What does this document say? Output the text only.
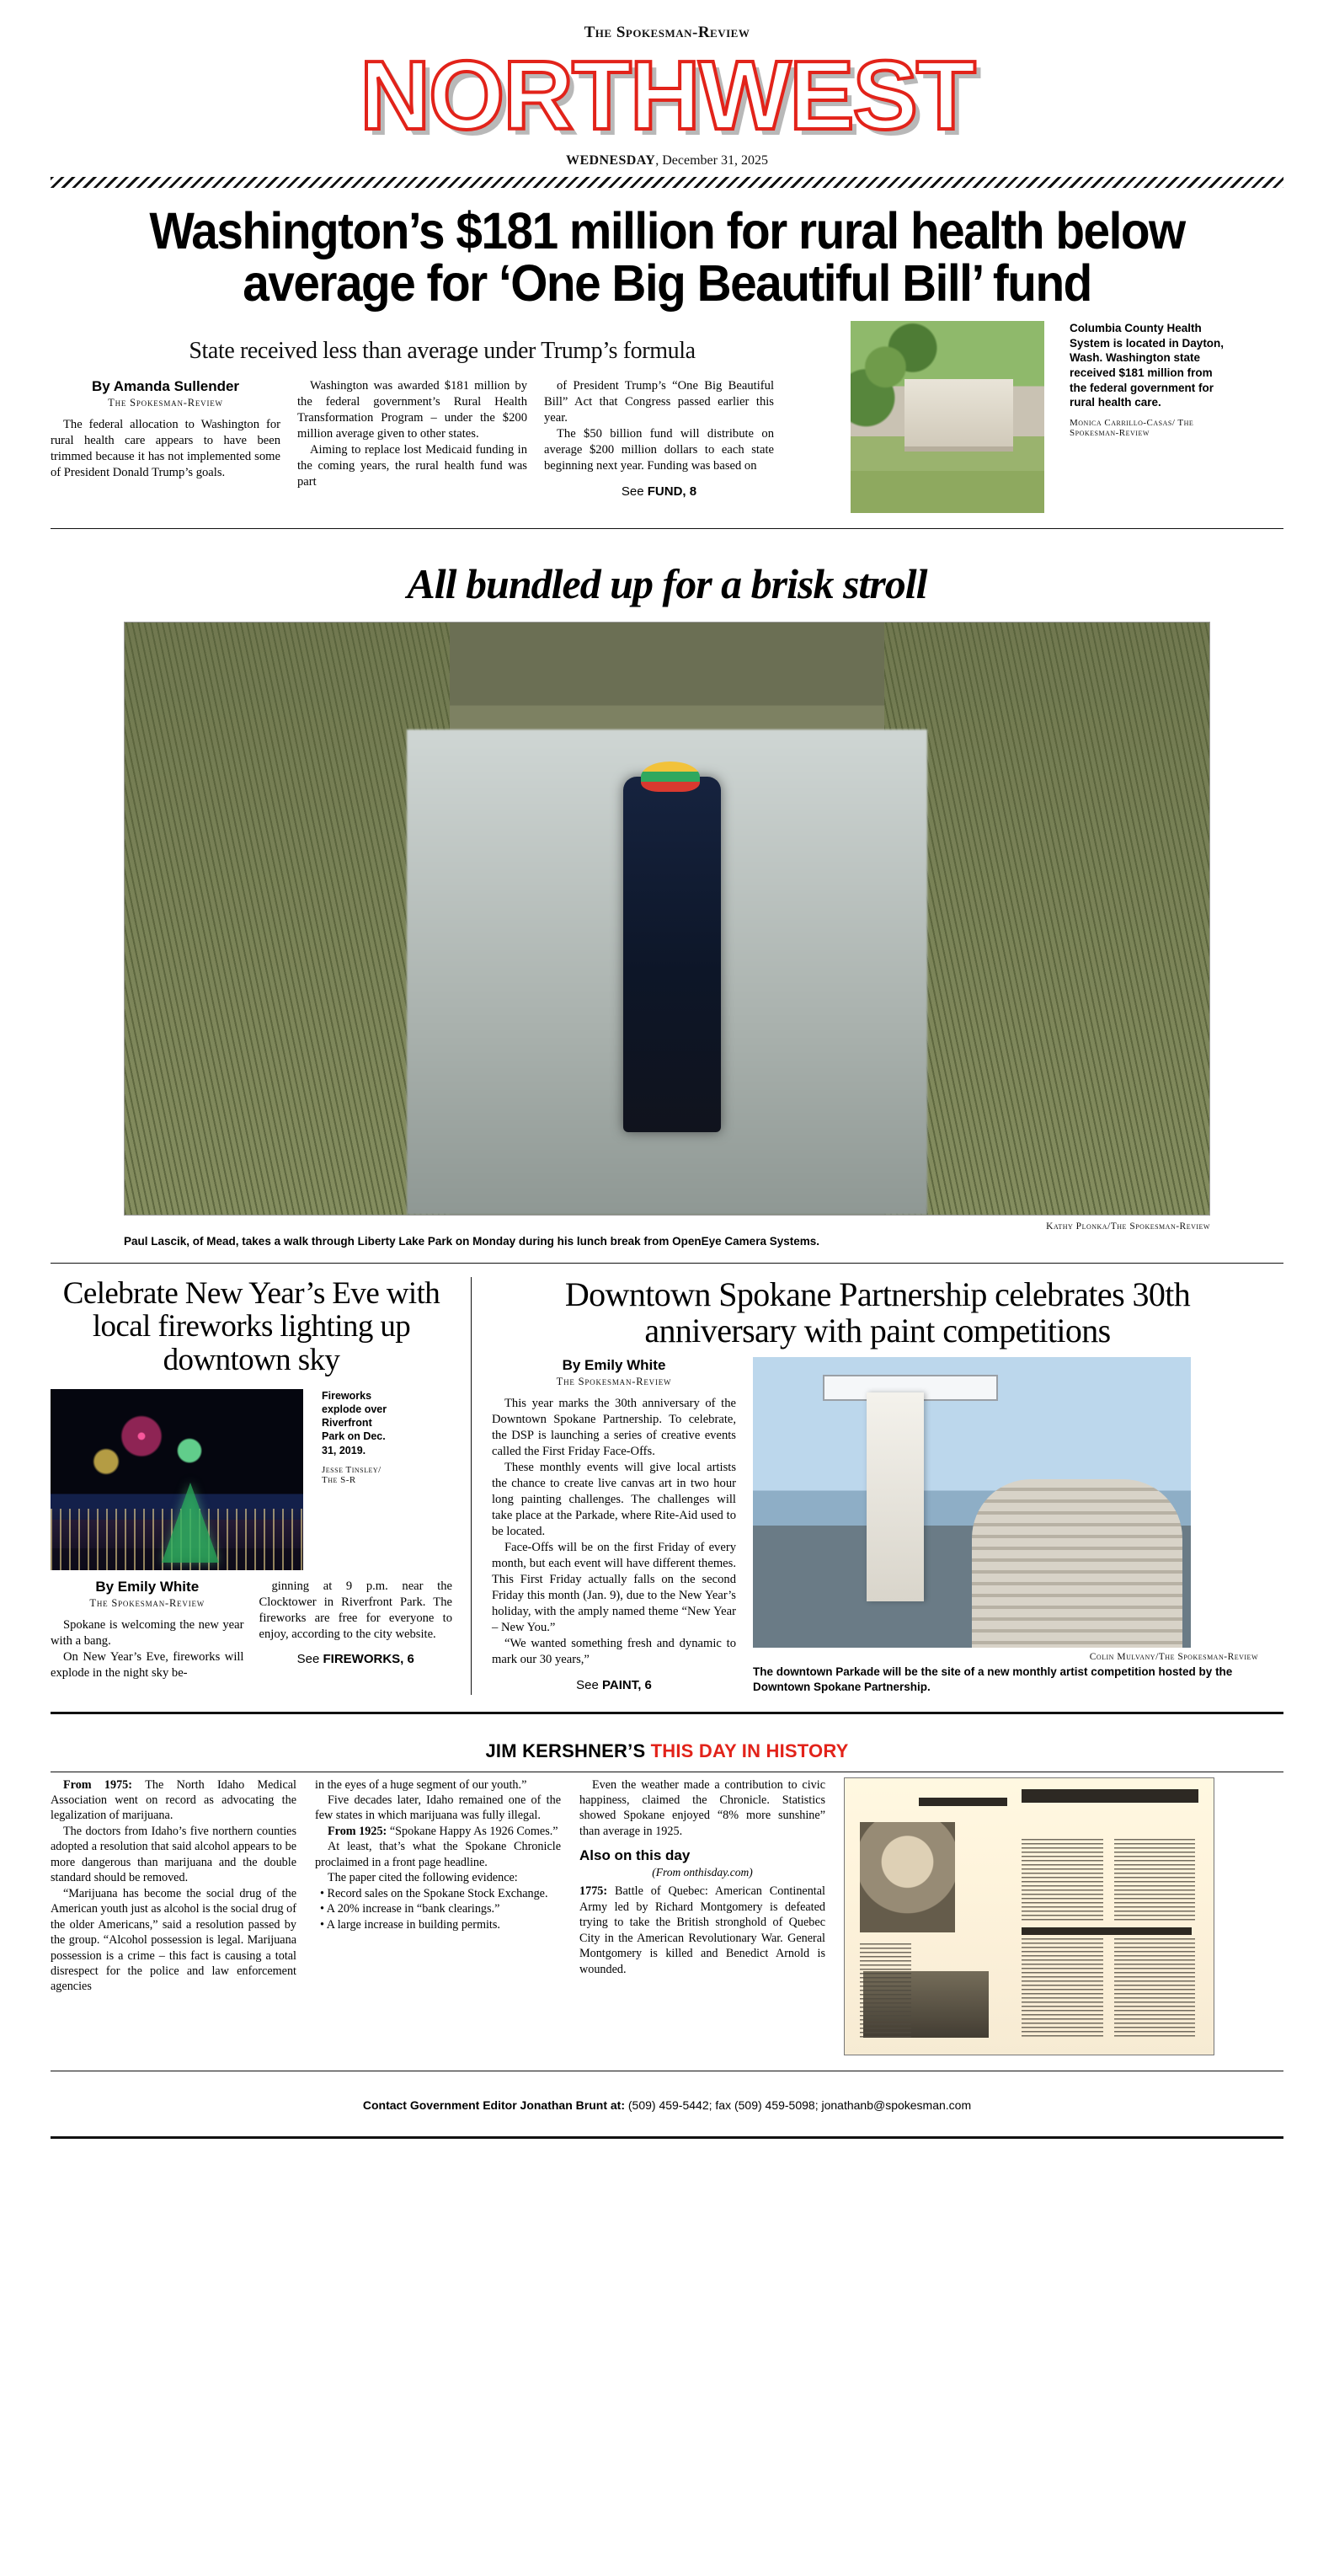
The Spokesman-Review
NORTHWEST
WEDNESDAY, December 31, 2025
Washington’s $181 million for rural health below average for ‘One Big Beautiful Bill’ fund
State received less than average under Trump’s formula
By Amanda Sullender
The Spokesman-Review

The federal allocation to Washington for rural health care appears to have been trimmed because it has not implemented some of President Donald Trump’s goals.

Washington was awarded $181 million by the federal government’s Rural Health Transformation Program – under the $200 million average given to other states.

Aiming to replace lost Medicaid funding in the coming years, the rural health fund was part

of President Trump’s “One Big Beautiful Bill” Act that Congress passed earlier this year.

The $50 billion fund will distribute on average $200 million dollars to each state beginning next year. Funding was based on

See FUND, 8
Columbia County Health System is located in Dayton, Wash. Washington state received $181 million from the federal government for rural health care.
Monica Carrillo-Casas/ The Spokesman-Review
All bundled up for a brisk stroll
Kathy Plonka/The Spokesman-Review
Paul Lascik, of Mead, takes a walk through Liberty Lake Park on Monday during his lunch break from OpenEye Camera Systems.
Celebrate New Year’s Eve with local fireworks lighting up downtown sky
Fireworks explode over Riverfront Park on Dec. 31, 2019.
Jesse Tinsley/ The S-R
By Emily White
The Spokesman-Review

Spokane is welcoming the new year with a bang.

On New Year’s Eve, fireworks will explode in the night sky be-

ginning at 9 p.m. near the Clocktower in Riverfront Park. The fireworks are free for everyone to enjoy, according to the city website.

See FIREWORKS, 6
Downtown Spokane Partnership celebrates 30th anniversary with paint competitions
By Emily White
The Spokesman-Review

This year marks the 30th anniversary of the Downtown Spokane Partnership. To celebrate, the DSP is launching a series of creative events called the First Friday Face-Offs.

These monthly events will give local artists the chance to create live canvas art in two hour long painting challenges. The challenges will take place at the Parkade, where Rite-Aid used to be located.

Face-Offs will be on the first Friday of every month, but each event will have different themes. This First Friday actually falls on the second Friday this month (Jan. 9), due to the New Year’s holiday, with the amply named theme “New Year – New You.”

“We wanted something fresh and dynamic to mark our 30 years,”

See PAINT, 6
Colin Mulvany/The Spokesman-Review
The downtown Parkade will be the site of a new monthly artist competition hosted by the Downtown Spokane Partnership.
JIM KERSHNER’S THIS DAY IN HISTORY

From 1975: The North Idaho Medical Association went on record as advocating the legalization of marijuana.

The doctors from Idaho’s five northern counties adopted a resolution that said alcohol appears to be more dangerous than marijuana and the double standard should be removed.

“Marijuana has become the social drug of the American youth just as alcohol is the social drug of the older Americans,” said a resolution passed by the group. “Alcohol possession is legal. Marijuana possession is a crime – this fact is causing a total disrespect for the police and law enforcement agencies

in the eyes of a huge segment of our youth.”

Five decades later, Idaho remained one of the few states in which marijuana was fully illegal.

From 1925: “Spokane Happy As 1926 Comes.”

At least, that’s what the Spokane Chronicle proclaimed in a front page headline.

The paper cited the following evidence:

• Record sales on the Spokane Stock Exchange.

• A 20% increase in “bank clearings.”

• A large increase in building permits.

Even the weather made a contribution to civic happiness, claimed the Chronicle. Statistics showed Spokane enjoyed “8% more sunshine” than average in 1925.

Also on this day
(From onthisday.com)

1775: Battle of Quebec: American Continental Army led by Richard Montgomery is defeated trying to take the British stronghold of Quebec City in the American Revolutionary War. General Montgomery is killed and Benedict Arnold is wounded.

Contact Government Editor Jonathan Brunt at: (509) 459-5442; fax (509) 459-5098; jonathanb@spokesman.com
